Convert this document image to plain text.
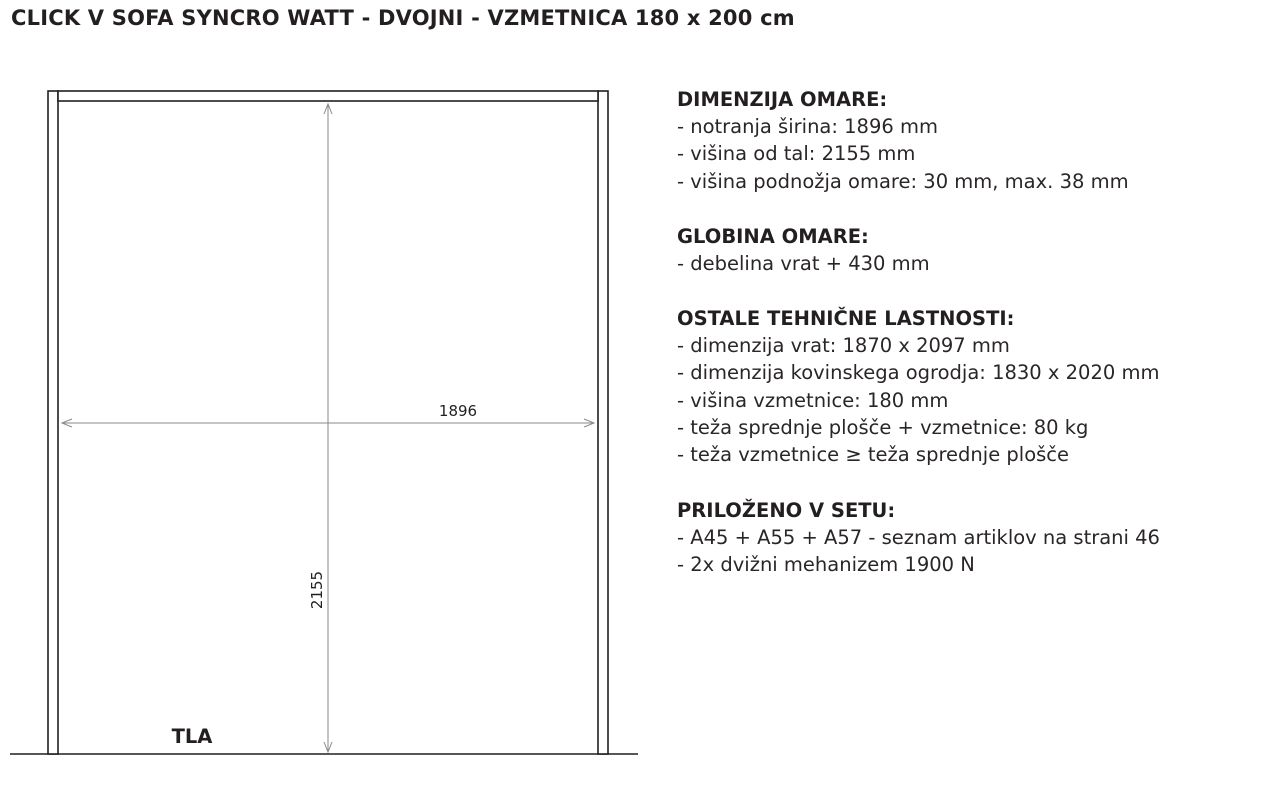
CLICK V SOFA SYNCRO WATT - DVOJNI - VZMETNICA 180 x 200 cm
1896
2155
TLA
DIMENZIJA OMARE:
- notranja širina: 1896 mm
- višina od tal: 2155 mm
- višina podnožja omare: 30 mm, max. 38 mm
GLOBINA OMARE:
- debelina vrat + 430 mm
OSTALE TEHNIČNE LASTNOSTI:
- dimenzija vrat: 1870 x 2097 mm
- dimenzija kovinskega ogrodja: 1830 x 2020 mm
- višina vzmetnice: 180 mm
- teža sprednje plošče + vzmetnice: 80 kg
- teža vzmetnice ≥ teža sprednje plošče
PRILOŽENO V SETU:
- A45 + A55 + A57 - seznam artiklov na strani 46
- 2x dvižni mehanizem 1900 N
